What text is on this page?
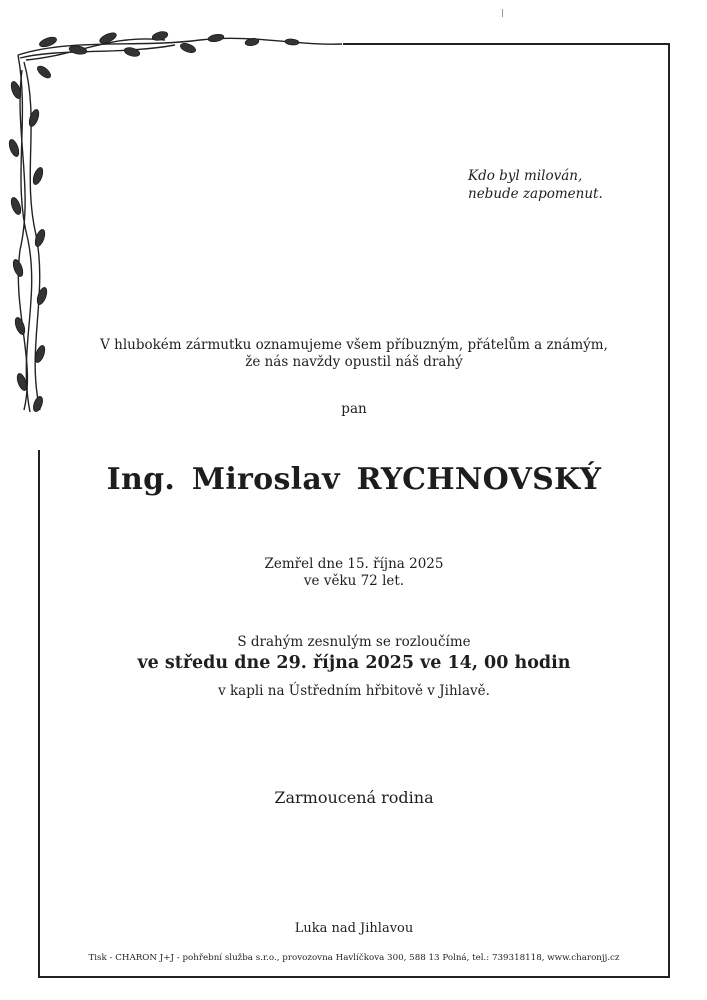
Kdo byl milován,
nebude zapomenut.
V hlubokém zármutku oznamujeme všem příbuzným, přátelům a známým,
že nás navždy opustil náš drahý
pan
Ing. Miroslav RYCHNOVSKÝ
Zemřel dne 15. října 2025
ve věku 72 let.
S drahým zesnulým se rozloučíme
ve středu dne 29. října 2025 ve 14, 00 hodin
v kapli na Ústředním hřbitově v Jihlavě.
Zarmoucená rodina
Luka nad Jihlavou
Tisk - CHARON J+J - pohřební služba s.r.o., provozovna Havlíčkova 300, 588 13 Polná, tel.: 739318118, www.charonjj.cz
